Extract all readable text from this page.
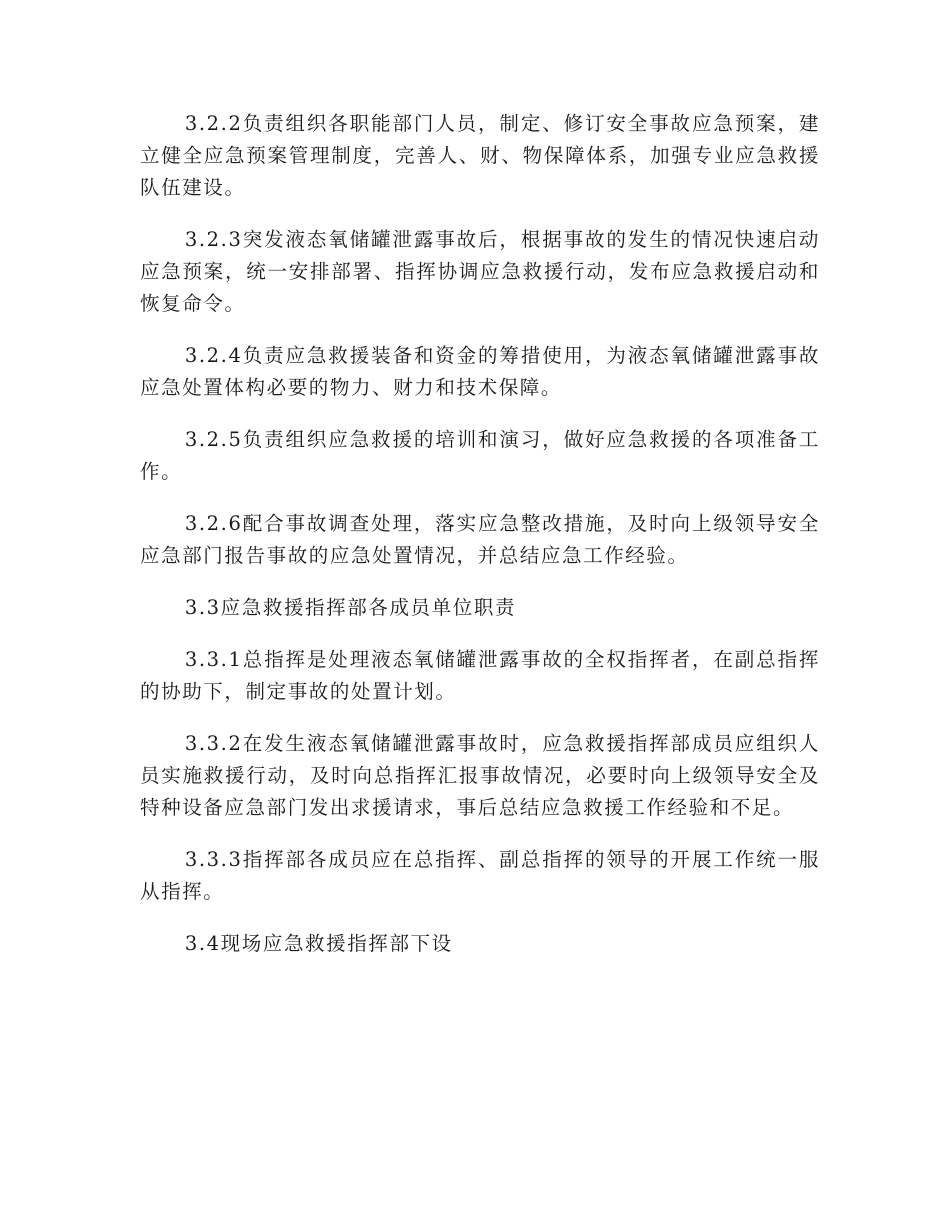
3.2.2负责组织各职能部门人员，制定、修订安全事故应急预案，建立健全应急预案管理制度，完善人、财、物保障体系，加强专业应急救援队伍建设。

3.2.3突发液态氧储罐泄露事故后，根据事故的发生的情况快速启动应急预案，统一安排部署、指挥协调应急救援行动，发布应急救援启动和恢复命令。

3.2.4负责应急救援装备和资金的筹措使用，为液态氧储罐泄露事故应急处置体构必要的物力、财力和技术保障。

3.2.5负责组织应急救援的培训和演习，做好应急救援的各项准备工作。

3.2.6配合事故调查处理，落实应急整改措施，及时向上级领导安全应急部门报告事故的应急处置情况，并总结应急工作经验。

3.3应急救援指挥部各成员单位职责

3.3.1总指挥是处理液态氧储罐泄露事故的全权指挥者，在副总指挥的协助下，制定事故的处置计划。

3.3.2在发生液态氧储罐泄露事故时，应急救援指挥部成员应组织人员实施救援行动，及时向总指挥汇报事故情况，必要时向上级领导安全及特种设备应急部门发出求援请求，事后总结应急救援工作经验和不足。

3.3.3指挥部各成员应在总指挥、副总指挥的领导的开展工作统一服从指挥。

3.4现场应急救援指挥部下设
